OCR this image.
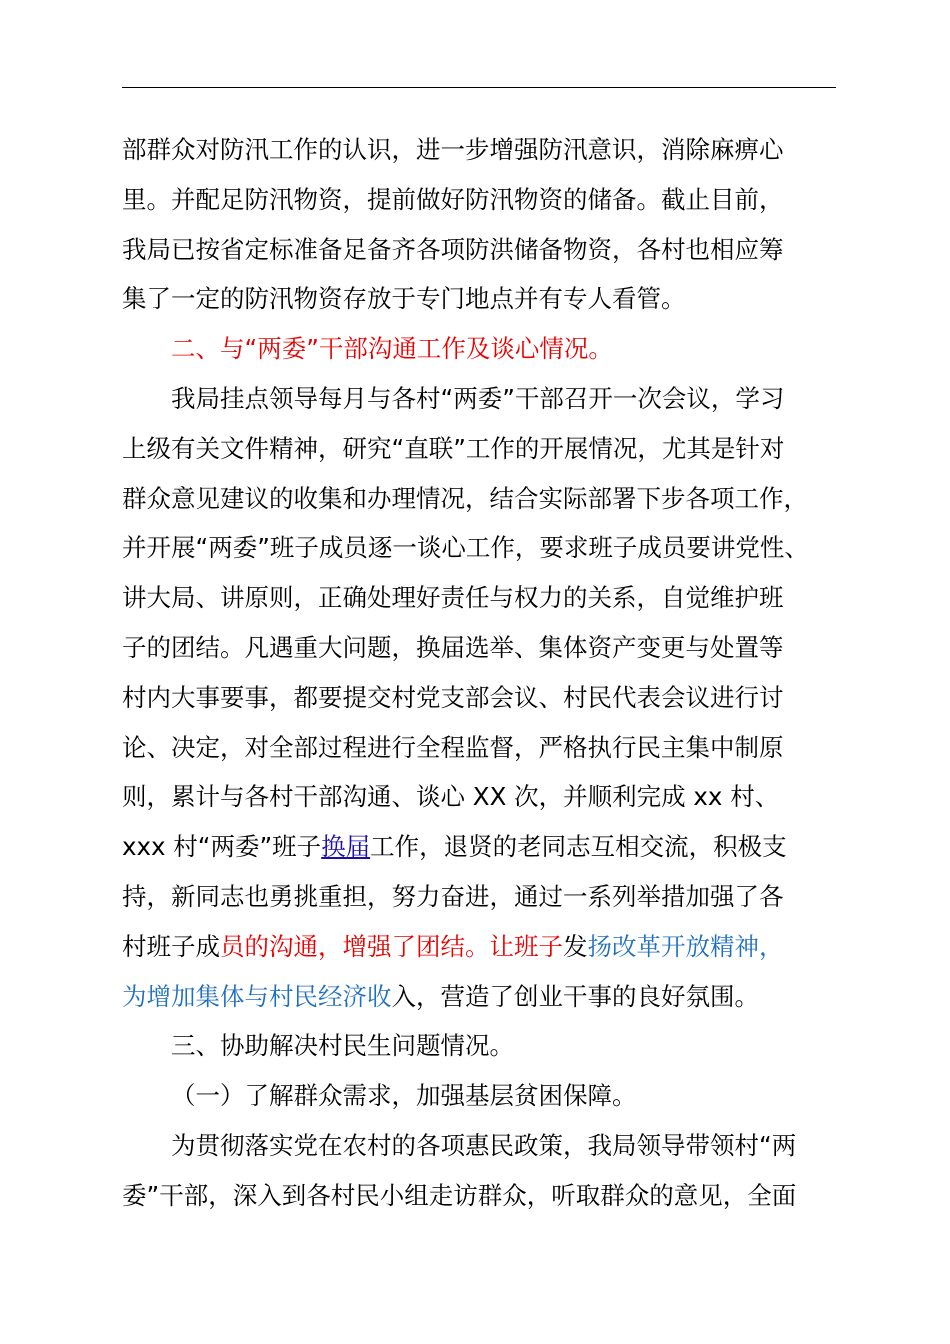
部群众对防汛工作的认识，进一步增强防汛意识，消除麻痹心

里。并配足防汛物资，提前做好防汛物资的储备。截止目前，

我局已按省定标准备足备齐各项防洪储备物资，各村也相应筹

集了一定的防汛物资存放于专门地点并有专人看管。

二、与“两委”干部沟通工作及谈心情况。

我局挂点领导每月与各村“两委”干部召开一次会议，学习

上级有关文件精神，研究“直联”工作的开展情况，尤其是针对

群众意见建议的收集和办理情况，结合实际部署下步各项工作，

并开展“两委”班子成员逐一谈心工作，要求班子成员要讲党性、

讲大局、讲原则，正确处理好责任与权力的关系，自觉维护班

子的团结。凡遇重大问题，换届选举、集体资产变更与处置等

村内大事要事，都要提交村党支部会议、村民代表会议进行讨

论、决定，对全部过程进行全程监督，严格执行民主集中制原

则，累计与各村干部沟通、谈心 XX 次，并顺利完成 xx 村、

xxx 村“两委”班子换届工作，退贤的老同志互相交流，积极支

持，新同志也勇挑重担，努力奋进，通过一系列举措加强了各

村班子成员的沟通，增强了团结。让班子发扬改革开放精神，

为增加集体与村民经济收入，营造了创业干事的良好氛围。

三、协助解决村民生问题情况。

（一）了解群众需求，加强基层贫困保障。

为贯彻落实党在农村的各项惠民政策，我局领导带领村“两

委”干部，深入到各村民小组走访群众，听取群众的意见，全面
